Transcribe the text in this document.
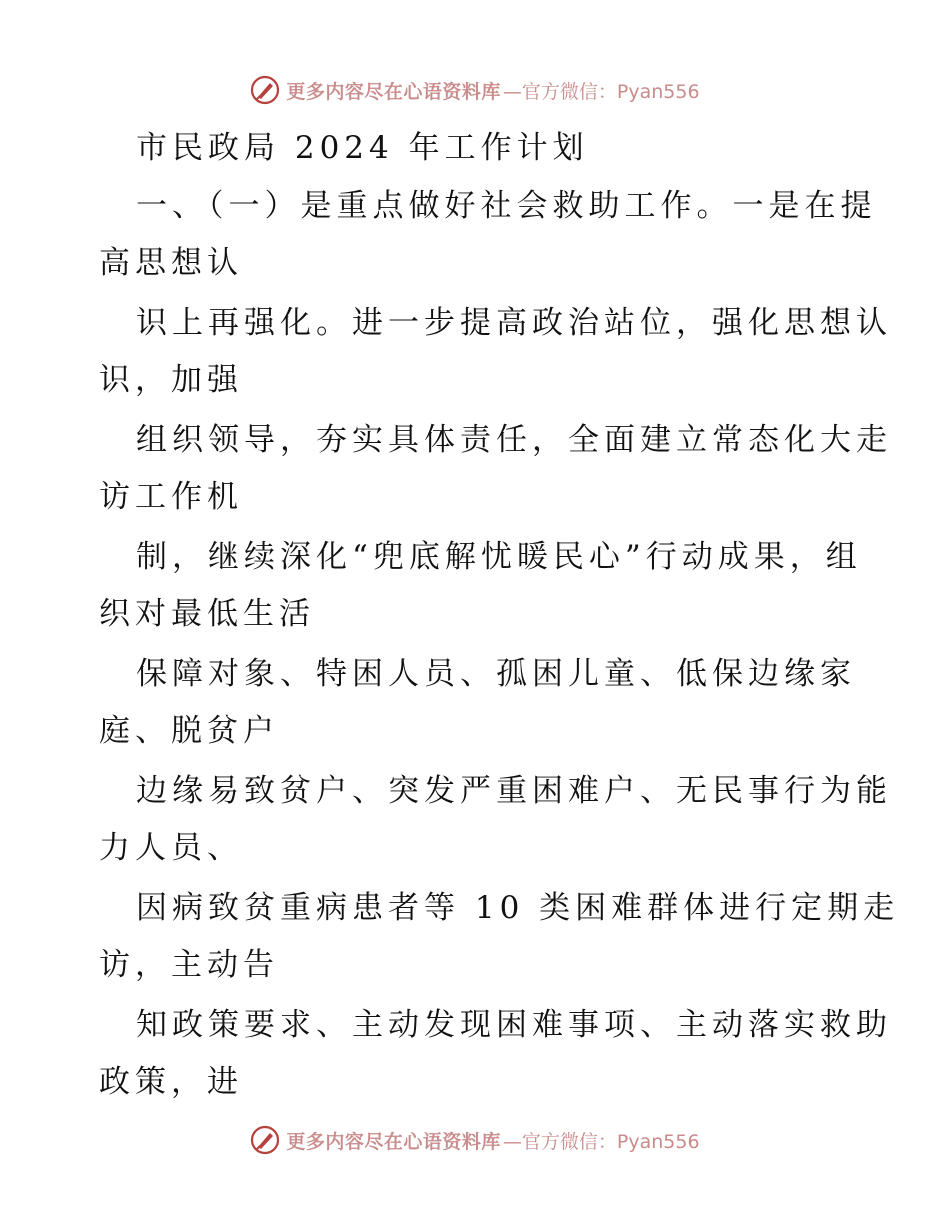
更多内容尽在心语资料库 —官方微信：Pyan556
市民政局 2024 年工作计划
一、（一）是重点做好社会救助工作。一是在提
高思想认
识上再强化。进一步提高政治站位，强化思想认
识，加强
组织领导，夯实具体责任，全面建立常态化大走
访工作机
制，继续深化“兜底解忧暖民心”行动成果，组
织对最低生活
保障对象、特困人员、孤困儿童、低保边缘家
庭、脱贫户
边缘易致贫户、突发严重困难户、无民事行为能
力人员、
因病致贫重病患者等 10 类困难群体进行定期走
访，主动告
知政策要求、主动发现困难事项、主动落实救助
政策，进
更多内容尽在心语资料库 —官方微信：Pyan556
